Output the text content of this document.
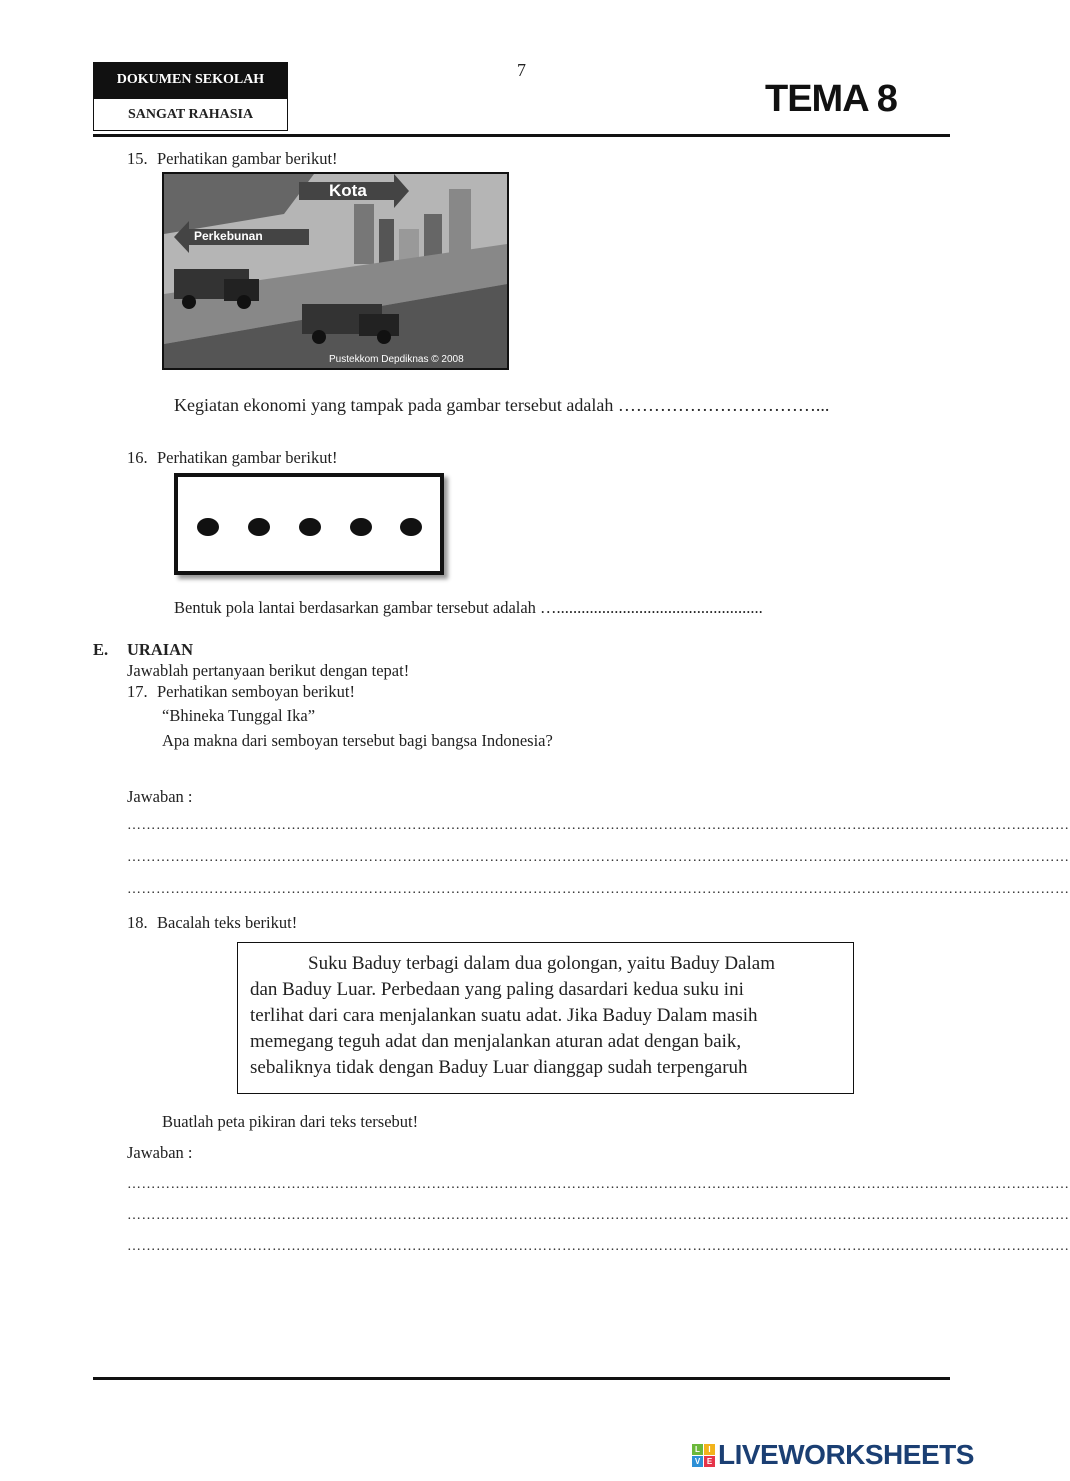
DOKUMEN SEKOLAH
SANGAT RAHASIA
7
TEMA 8
15. Perhatikan gambar berikut!
Kota
Perkebunan
Pustekkom Depdiknas © 2008
Kegiatan ekonomi yang tampak pada gambar tersebut adalah ……………………………...
16. Perhatikan gambar berikut!
Bentuk pola lantai berdasarkan gambar tersebut adalah …..................................................
E. URAIAN
Jawablah pertanyaan berikut dengan tepat!
17. Perhatikan semboyan berikut!
“Bhineka Tunggal Ika”
Apa makna dari semboyan tersebut bagi bangsa Indonesia?
Jawaban :
……………………………………………………………………………………………………………………………………………………………………………
……………………………………………………………………………………………………………………………………………………………………………
……………………………………………………………………………………………………………………………………………………………………………
18. Bacalah teks berikut!
Suku Baduy terbagi dalam dua golongan, yaitu Baduy Dalam
dan Baduy Luar. Perbedaan yang paling dasardari kedua suku ini
terlihat dari cara menjalankan suatu adat. Jika Baduy Dalam masih
memegang teguh adat dan menjalankan aturan adat dengan baik,
sebaliknya tidak dengan Baduy Luar dianggap sudah terpengaruh
Buatlah peta pikiran dari teks tersebut!
Jawaban :
……………………………………………………………………………………………………………………………………………………………………………
……………………………………………………………………………………………………………………………………………………………………………
……………………………………………………………………………………………………………………………………………………………………………
L	I
V E LIVEWORKSHEETS
